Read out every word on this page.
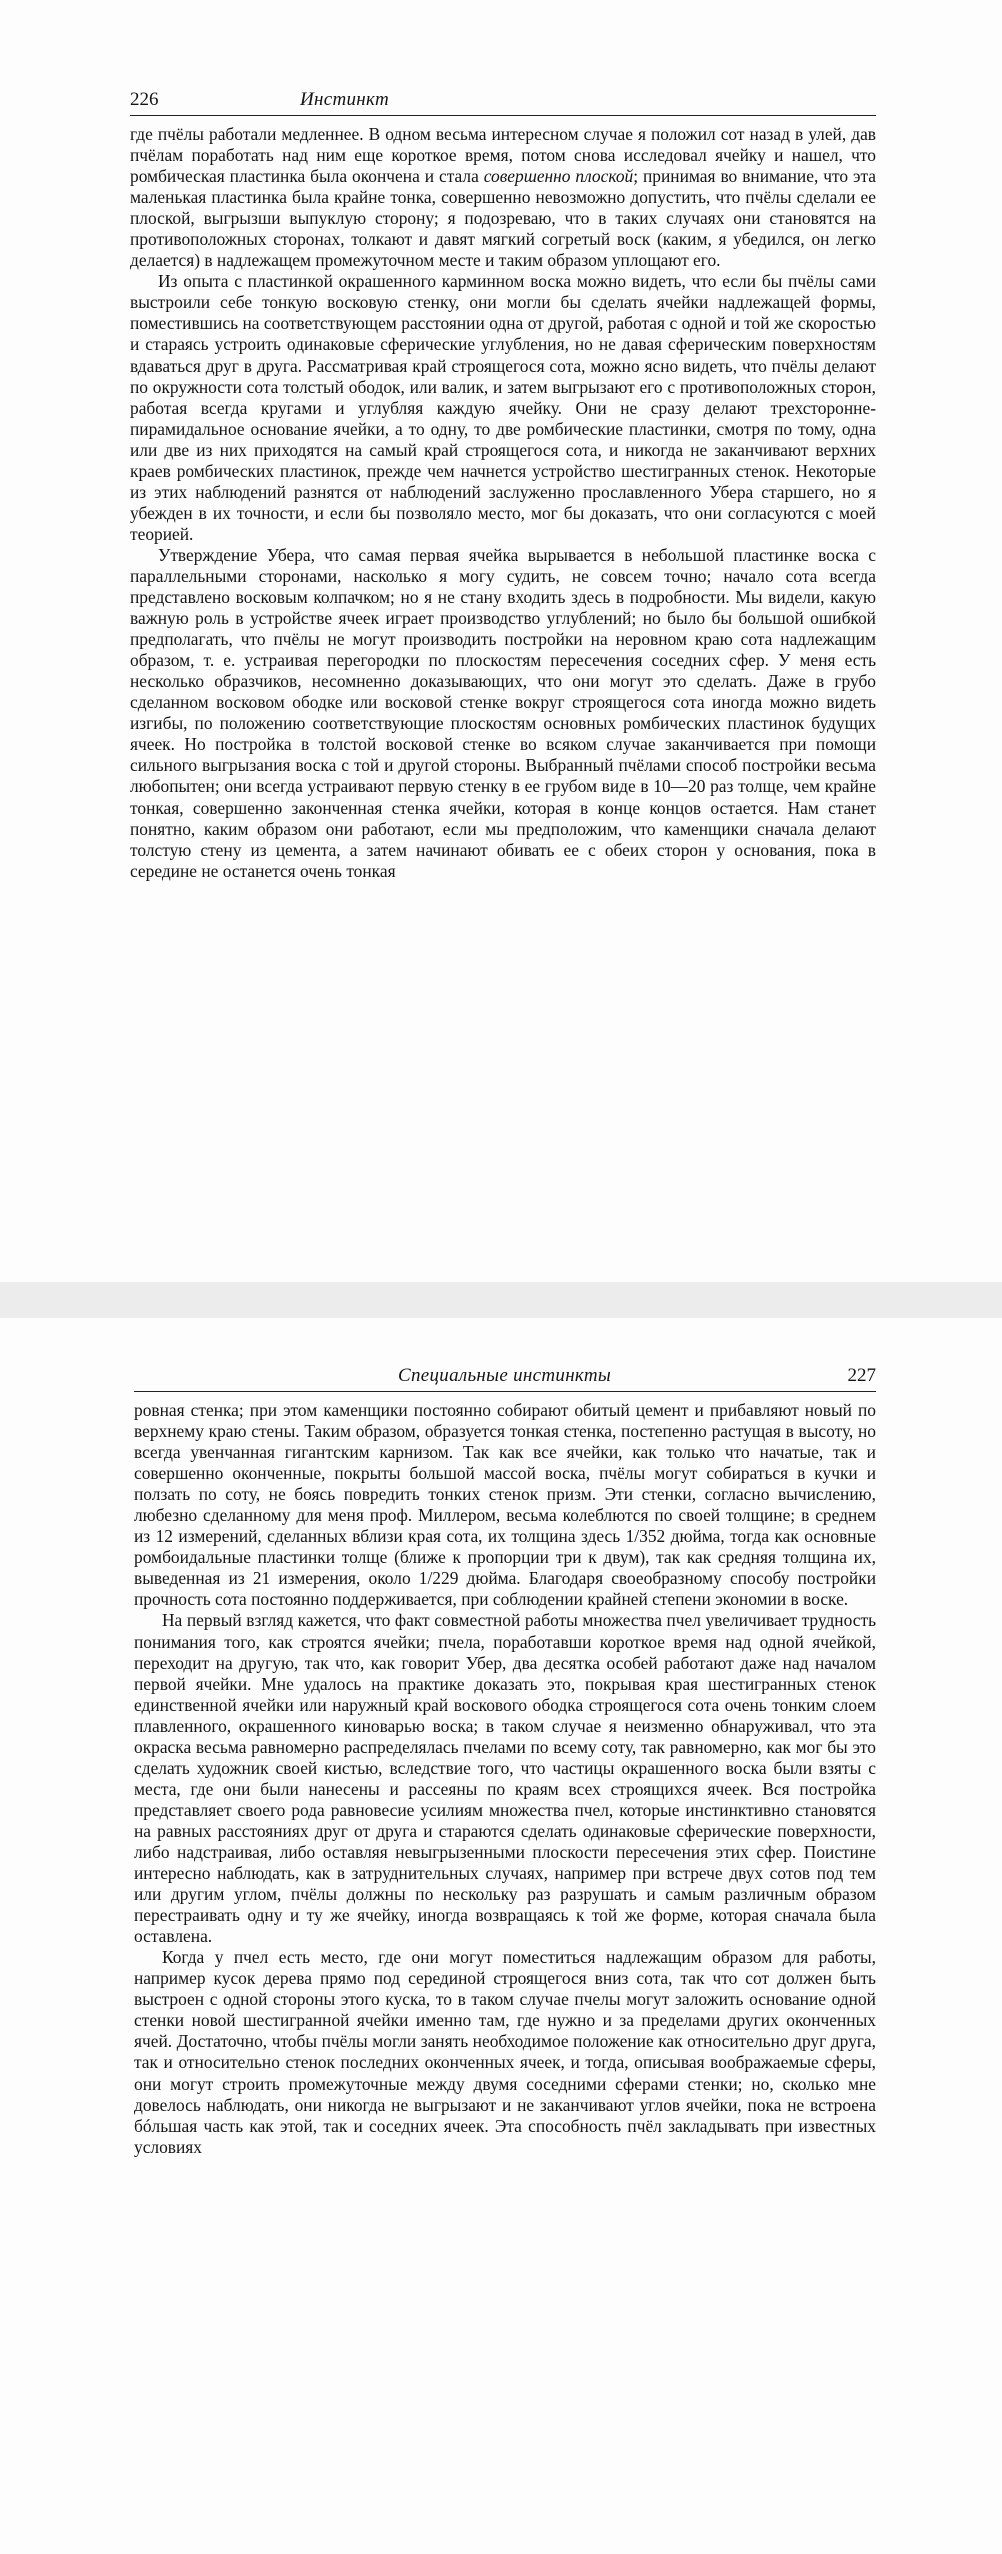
226	Инстинкт

где пчёлы работали медленнее. В одном весьма интересном случае я положил сот назад в улей, дав пчёлам поработать над ним еще короткое время, потом снова исследовал ячейку и нашел, что ромбическая пластинка была окончена и стала совершенно плоской; принимая во внимание, что эта маленькая пластинка была крайне тонка, совершенно невозможно допустить, что пчёлы сделали ее плоской, выгрызши выпуклую сторону; я подозреваю, что в таких случаях они становятся на противоположных сторонах, толкают и давят мягкий согретый воск (каким, я убедился, он легко делается) в надлежащем промежуточном месте и таким образом уплощают его.

Из опыта с пластинкой окрашенного карминном воска можно видеть, что если бы пчёлы сами выстроили себе тонкую восковую стенку, они могли бы сделать ячейки надлежащей формы, поместившись на соответствующем расстоянии одна от другой, работая с одной и той же скоростью и стараясь устроить одинаковые сферические углубления, но не давая сферическим поверхностям вдаваться друг в друга. Рассматривая край строящегося сота, можно ясно видеть, что пчёлы делают по окружности сота толстый ободок, или валик, и затем выгрызают его с противоположных сторон, работая всегда кругами и углубляя каждую ячейку. Они не сразу делают трехсторонне-пирамидальное основание ячейки, а то одну, то две ромбические пластинки, смотря по тому, одна или две из них приходятся на самый край строящегося сота, и никогда не заканчивают верхних краев ромбических пластинок, прежде чем начнется устройство шестигранных стенок. Некоторые из этих наблюдений разнятся от наблюдений заслуженно прославленного Убера старшего, но я убежден в их точности, и если бы позволяло место, мог бы доказать, что они согласуются с моей теорией.

Утверждение Убера, что самая первая ячейка вырывается в небольшой пластинке воска с параллельными сторонами, насколько я могу судить, не совсем точно; начало сота всегда представлено восковым колпачком; но я не стану входить здесь в подробности. Мы видели, какую важную роль в устройстве ячеек играет производство углублений; но было бы большой ошибкой предполагать, что пчёлы не могут производить постройки на неровном краю сота надлежащим образом, т. е. устраивая перегородки по плоскостям пересечения соседних сфер. У меня есть несколько образчиков, несомненно доказывающих, что они могут это сделать. Даже в грубо сделанном восковом ободке или восковой стенке вокруг строящегося сота иногда можно видеть изгибы, по положению соответствующие плоскостям основных ромбических пластинок будущих ячеек. Но постройка в толстой восковой стенке во всяком случае заканчивается при помощи сильного выгрызания воска с той и другой стороны. Выбранный пчёлами способ постройки весьма любопытен; они всегда устраивают первую стенку в ее грубом виде в 10—20 раз толще, чем крайне тонкая, совершенно законченная стенка ячейки, которая в конце концов остается. Нам станет понятно, каким образом они работают, если мы предположим, что каменщики сначала делают толстую стену из цемента, а затем начинают обивать ее с обеих сторон у основания, пока в середине не останется очень тонкая

Специальные инстинкты	227

ровная стенка; при этом каменщики постоянно собирают обитый цемент и прибавляют новый по верхнему краю стены. Таким образом, образуется тонкая стенка, постепенно растущая в высоту, но всегда увенчанная гигантским карнизом. Так как все ячейки, как только что начатые, так и совершенно оконченные, покрыты большой массой воска, пчёлы могут собираться в кучки и ползать по соту, не боясь повредить тонких стенок призм. Эти стенки, согласно вычислению, любезно сделанному для меня проф. Миллером, весьма колеблются по своей толщине; в среднем из 12 измерений, сделанных вблизи края сота, их толщина здесь 1/352 дюйма, тогда как основные ромбоидальные пластинки толще (ближе к пропорции три к двум), так как средняя толщина их, выведенная из 21 измерения, около 1/229 дюйма. Благодаря своеобразному способу постройки прочность сота постоянно поддерживается, при соблюдении крайней степени экономии в воске.

На первый взгляд кажется, что факт совместной работы множества пчел увеличивает трудность понимания того, как строятся ячейки; пчела, поработавши короткое время над одной ячейкой, переходит на другую, так что, как говорит Убер, два десятка особей работают даже над началом первой ячейки. Мне удалось на практике доказать это, покрывая края шестигранных стенок единственной ячейки или наружный край воскового ободка строящегося сота очень тонким слоем плавленного, окрашенного киноварью воска; в таком случае я неизменно обнаруживал, что эта окраска весьма равномерно распределялась пчелами по всему соту, так равномерно, как мог бы это сделать художник своей кистью, вследствие того, что частицы окрашенного воска были взяты с места, где они были нанесены и рассеяны по краям всех строящихся ячеек. Вся постройка представляет своего рода равновесие усилиям множества пчел, которые инстинктивно становятся на равных расстояниях друг от друга и стараются сделать одинаковые сферические поверхности, либо надстраивая, либо оставляя невыгрызенными плоскости пересечения этих сфер. Поистине интересно наблюдать, как в затруднительных случаях, например при встрече двух сотов под тем или другим углом, пчёлы должны по нескольку раз разрушать и самым различным образом перестраивать одну и ту же ячейку, иногда возвращаясь к той же форме, которая сначала была оставлена.

Когда у пчел есть место, где они могут поместиться надлежащим образом для работы, например кусок дерева прямо под серединой строящегося вниз сота, так что сот должен быть выстроен с одной стороны этого куска, то в таком случае пчелы могут заложить основание одной стенки новой шестигранной ячейки именно там, где нужно и за пределами других оконченных ячей. Достаточно, чтобы пчёлы могли занять необходимое положение как относительно друг друга, так и относительно стенок последних оконченных ячеек, и тогда, описывая воображаемые сферы, они могут строить промежуточные между двумя соседними сферами стенки; но, сколько мне довелось наблюдать, они никогда не выгрызают и не заканчивают углов ячейки, пока не встроена бóльшая часть как этой, так и соседних ячеек. Эта способность пчёл закладывать при известных условиях
